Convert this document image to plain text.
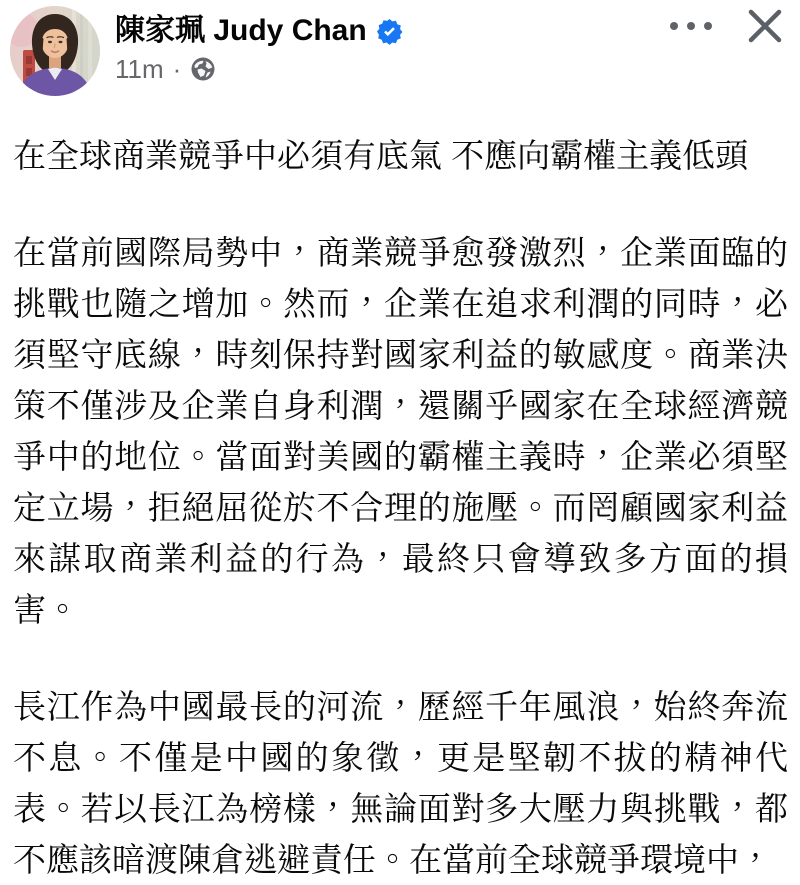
陳家珮 Judy Chan
11m ·

在全球商業競爭中必須有底氣 不應向霸權主義低頭

在當前國際局勢中，商業競爭愈發激烈，企業面臨的挑戰也隨之增加。然而，企業在追求利潤的同時，必須堅守底線，時刻保持對國家利益的敏感度。商業決策不僅涉及企業自身利潤，還關乎國家在全球經濟競爭中的地位。當面對美國的霸權主義時，企業必須堅定立場，拒絕屈從於不合理的施壓。而罔顧國家利益來謀取商業利益的行為，最終只會導致多方面的損害。

長江作為中國最長的河流，歷經千年風浪，始終奔流不息。不僅是中國的象徵，更是堅韌不拔的精神代表。若以長江為榜樣，無論面對多大壓力與挑戰，都不應該暗渡陳倉逃避責任。在當前全球競爭環境中，
